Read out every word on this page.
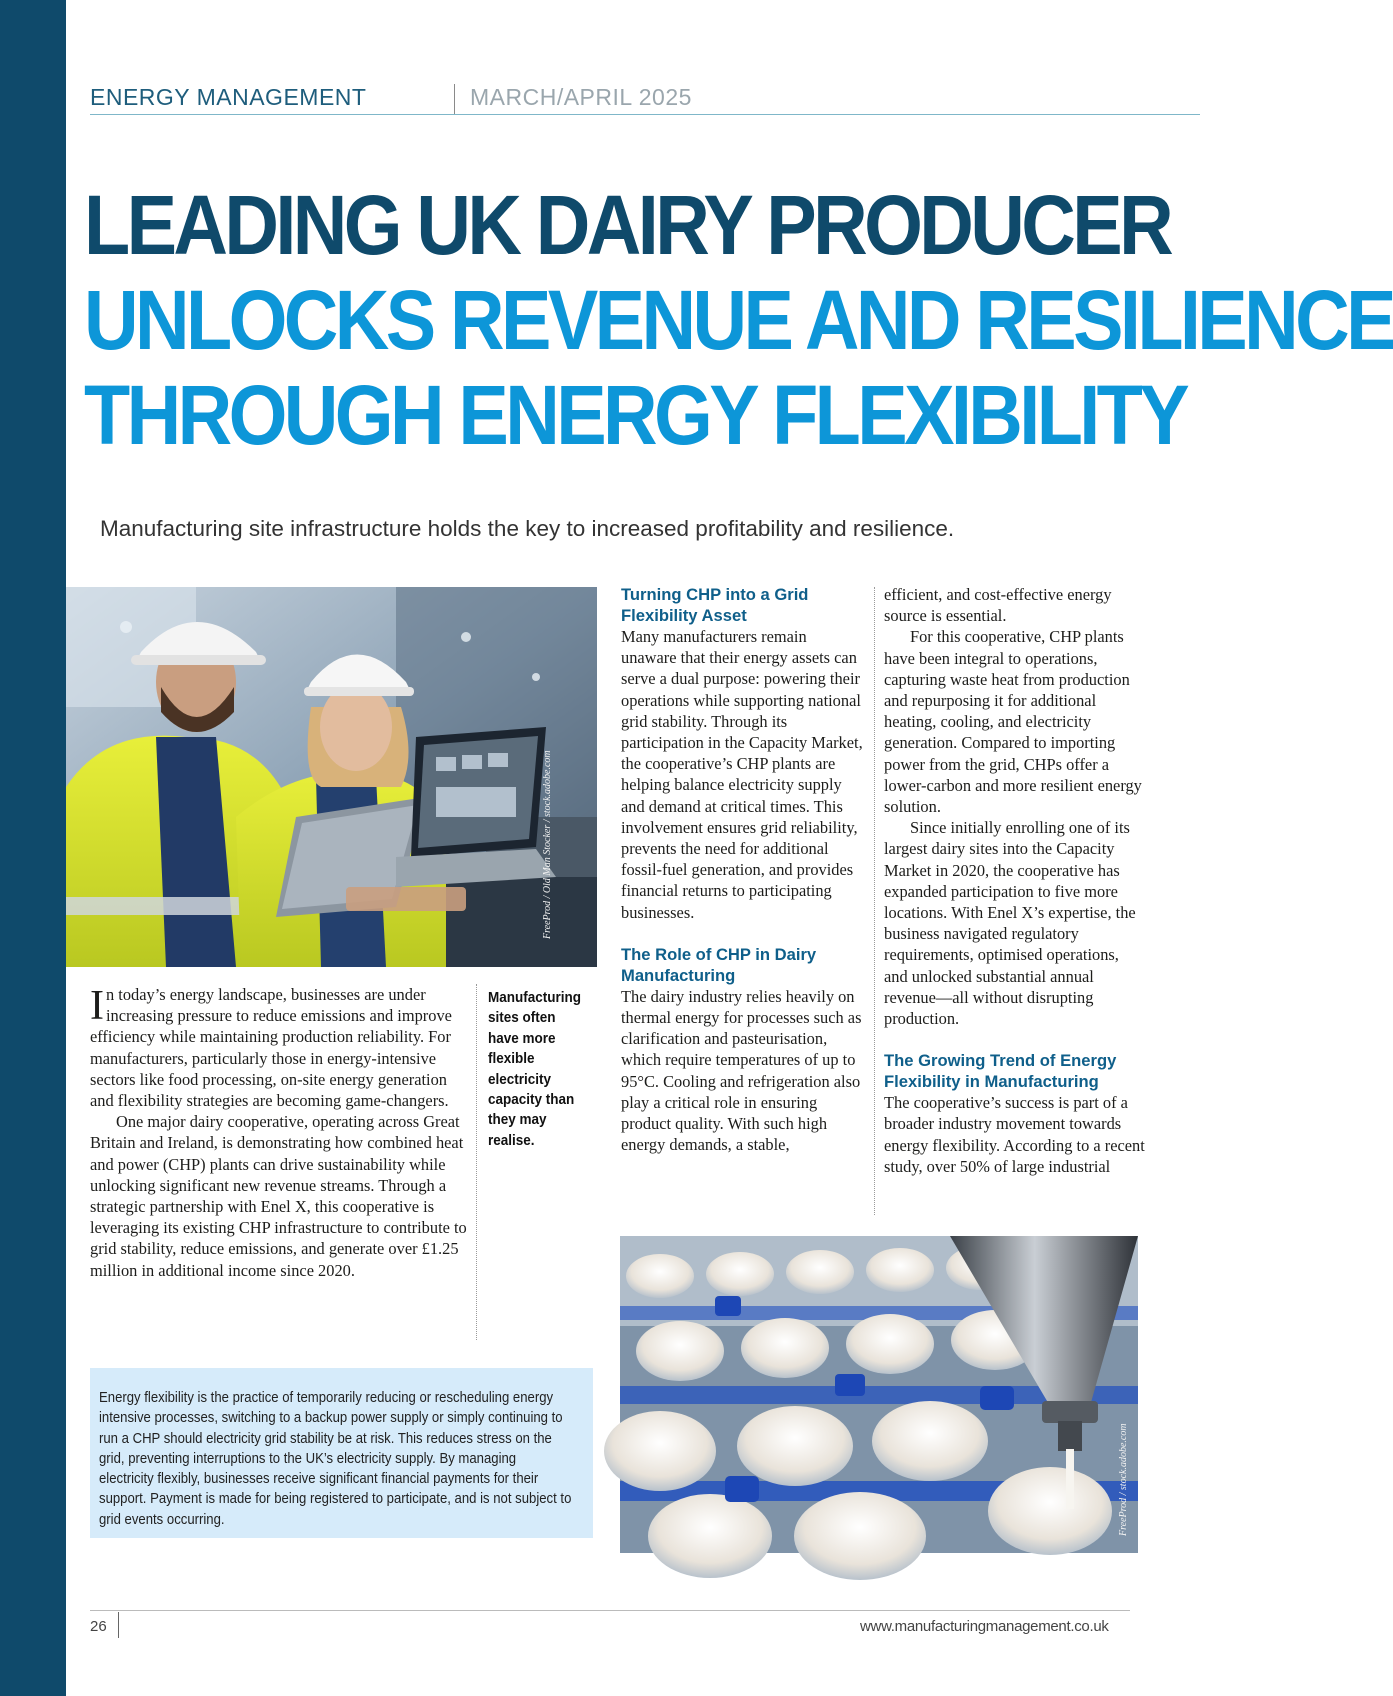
ENERGY MANAGEMENT	MARCH/APRIL 2025
LEADING UK DAIRY PRODUCER
UNLOCKS REVENUE AND RESILIENCE
THROUGH ENERGY FLEXIBILITY

Manufacturing site infrastructure holds the key to increased profitability and resilience.

FreeProd / Old Man Stocker / stock.adobe.com

In today’s energy landscape, businesses are under increasing pressure to reduce emissions and improve efficiency while maintaining production reliability. For manufacturers, particularly those in energy-intensive sectors like food processing, on-site energy generation and flexibility strategies are becoming game-changers.

One major dairy cooperative, operating across Great Britain and Ireland, is demonstrating how combined heat and power (CHP) plants can drive sustainability while unlocking significant new revenue streams. Through a strategic partnership with Enel X, this cooperative is leveraging its existing CHP infrastructure to contribute to grid stability, reduce emissions, and generate over £1.25 million in additional income since 2020.

Manufacturing sites often have more flexible electricity capacity than they may realise.

Turning CHP into a Grid Flexibility Asset

Many manufacturers remain unaware that their energy assets can serve a dual purpose: powering their operations while supporting national grid stability. Through its participation in the Capacity Market, the cooperative’s CHP plants are helping balance electricity supply and demand at critical times. This involvement ensures grid reliability, prevents the need for additional fossil-fuel generation, and provides financial returns to participating businesses.

The Role of CHP in Dairy Manufacturing

The dairy industry relies heavily on thermal energy for processes such as clarification and pasteurisation, which require temperatures of up to 95°C. Cooling and refrigeration also play a critical role in ensuring product quality. With such high energy demands, a stable,

efficient, and cost-effective energy source is essential.

For this cooperative, CHP plants have been integral to operations, capturing waste heat from production and repurposing it for additional heating, cooling, and electricity generation. Compared to importing power from the grid, CHPs offer a lower-carbon and more resilient energy solution.

Since initially enrolling one of its largest dairy sites into the Capacity Market in 2020, the cooperative has expanded participation to five more locations. With Enel X’s expertise, the business navigated regulatory requirements, optimised operations, and unlocked substantial annual revenue—all without disrupting production.

The Growing Trend of Energy Flexibility in Manufacturing

The cooperative’s success is part of a broader industry movement towards energy flexibility. According to a recent study, over 50% of large industrial

Energy flexibility is the practice of temporarily reducing or rescheduling energy intensive processes, switching to a backup power supply or simply continuing to run a CHP should electricity grid stability be at risk. This reduces stress on the grid, preventing interruptions to the UK’s electricity supply. By managing electricity flexibly, businesses receive significant financial payments for their support. Payment is made for being registered to participate, and is not subject to grid events occurring.	FreeProd / stock.adobe.com
26	www.manufacturingmanagement.co.uk
